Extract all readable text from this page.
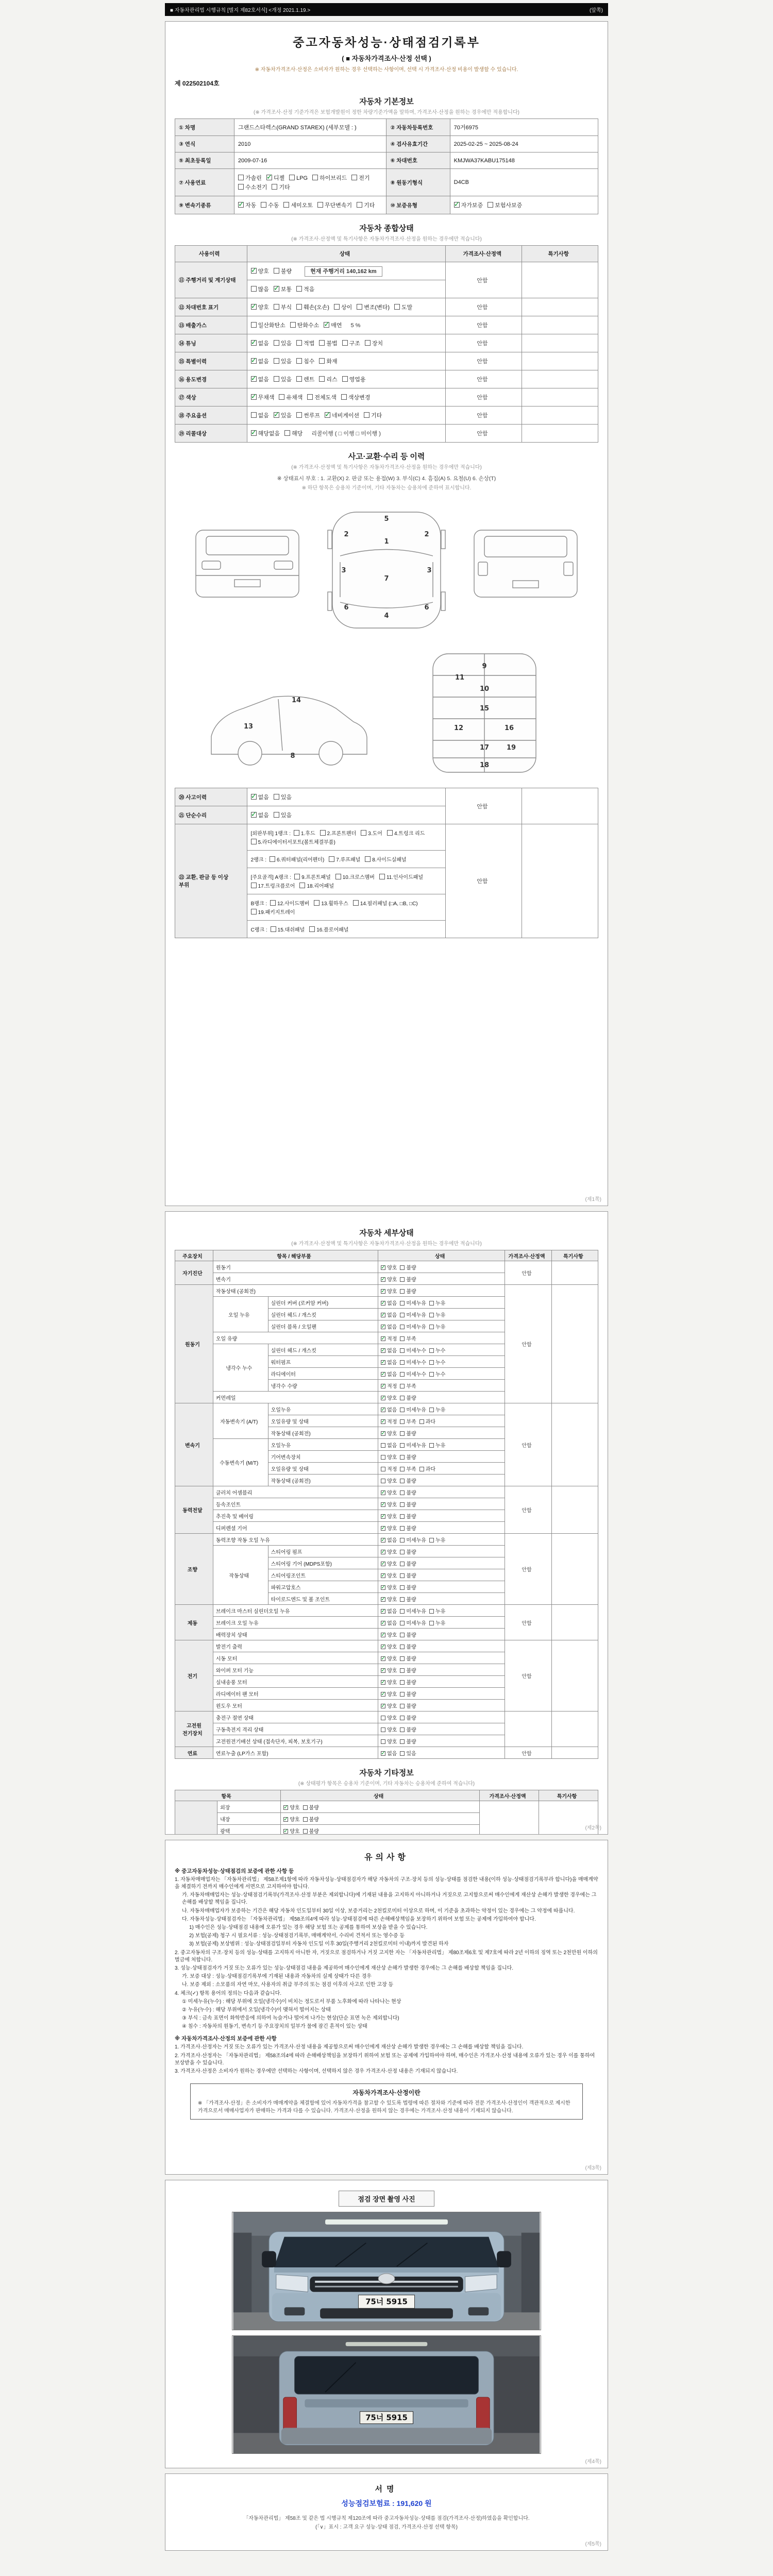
■ 자동차관리법 시행규칙 [별지 제82호서식] <개정 2021.1.19.>	(앞쪽)
중고자동차성능·상태점검기록부
( ■ 자동차가격조사·산정 선택 )
※ 자동차가격조사·산정은 소비자가 원하는 경우 선택하는 사항이며, 선택 시 가격조사·산정 비용이 발생할 수 있습니다.
제 022502104호
자동차 기본정보
(※ 가격조사·산정 기준가격은 보험개발원이 정한 차량기준가액을 말하며, 가격조사·산정을 원하는 경우에만 적용합니다)
① 차명	그랜드스타렉스(GRAND STAREX) (세부모델 : )	② 자동차등록번호	70거6975
③ 연식	2010	④ 검사유효기간	2025-02-25 ~ 2025-08-24
⑤ 최초등록일	2009-07-16	⑥ 차대번호	KMJWA37KABU175148
⑦ 사용연료	가솔린 ✓ 디젤 LPG 하이브리드 전기수소전기 기타	⑧ 원동기형식	D4CB
⑨ 변속기종류	✓자동 수동 세미오토 무단변속기 기타	⑩ 보증유형	✓자가보증 보험사보증
자동차 종합상태
(※ 가격조사·산정액 및 특기사항은 자동차가격조사·산정을 원하는 경우에만 적습니다)
사용이력	상태	가격조사·산정액	특기사항
⑪ 주행거리 및 계기상태	✓양호 불량 현재 주행거리 140,162 km	안함	
	많음 ✓ 보통 적음
⑫ 차대번호 표기	✓양호 부식 훼손(오손) 상이 변조(변타) 도말	안함	
⑬ 배출가스	일산화탄소 탄화수소 ✓ 매연 5 %	안함	
⑭ 튜닝	✓없음 있음 적법 불법 구조 장치	안함	
⑮ 특별이력	✓없음 있음 침수 화재	안함	
⑯ 용도변경	✓없음 있음 렌트 리스 영업용	안함	
⑰ 색상	✓무채색 유채색 전체도색 색상변경	안함	
⑱ 주요옵션	없음 ✓ 있음 썬루프 ✓ 네비게이션 기타	안함	
⑲ 리콜대상	✓해당없음 해당 리콜이행 ( □ 이행 □ 미이행 )	안함	
사고·교환·수리 등 이력
(※ 가격조사·산정액 및 특기사항은 자동차가격조사·산정을 원하는 경우에만 적습니다)
※ 상태표시 부호 : 1. 교환(X) 2. 판금 또는 용접(W) 3. 부식(C) 4. 흠집(A) 5. 요철(U) 6. 손상(T)
※ 하단 항목은 승용차 기준이며, 기타 자동차는 승용차에 준하여 표시합니다.
5
2
1
2
3
7
3
6
4
6
13
14
8
9
11
10
15
12	16
17	19
18
⑳ 사고이력	✓없음 있음	안함	
㉑ 단순수리	✓없음 있음
㉒ 교환, 판금 등 이상 부위	[외판부위] 1랭크 : 1.후드 2.프론트펜더 3.도어 4.트렁크 리드5.라디에이터서포트(볼트체결부품)	안함	
	2랭크 : 6.쿼터패널(리어펜더) 7.루프패널 8.사이드실패널		
	[주요골격] A랭크 : 9.프론트패널 10.크로스멤버 11.인사이드패널17.트렁크플로어 18.리어패널		
	B랭크 : 12.사이드멤버 13.휠하우스 14.필러패널 (□A, □B, □C)19.패키지트레이		
	C랭크 : 15.대쉬패널 16.플로어패널		
(제1쪽)
자동차 세부상태
(※ 가격조사·산정액 및 특기사항은 자동차가격조사·산정을 원하는 경우에만 적습니다)
주요장치	항목 / 해당부품		상태	가격조사·산정액	특기사항
자기진단	원동기	✓양호 불량	안함	
	변속기	✓양호 불량
원동기	작동상태 (공회전)	✓양호 불량	안함	
	오일 누유	실린더 커버 (로커암 커버)	✓없음 미세누유 누유
		실린더 헤드 / 개스킷	✓없음 미세누유 누유
		실린더 블록 / 오일팬	✓없음 미세누유 누유
	오일 유량	✓적정 부족
	냉각수 누수	실린더 헤드 / 개스킷	✓없음 미세누수 누수
		워터펌프	✓없음 미세누수 누수
		라디에이터	✓없음 미세누수 누수
		냉각수 수량	✓적정 부족
	커먼레일	✓양호 불량
변속기	자동변속기 (A/T)	오일누유	✓없음 미세누유 누유	안함	
		오일유량 및 상태	✓적정 부족 과다
		작동상태 (공회전)	✓양호 불량
	수동변속기 (M/T)	오일누유	없음 미세누유 누유		
		기어변속장치	양호 불량		
		오일유량 및 상태	적정 부족 과다		
		작동상태 (공회전)	양호 불량		
동력전달	클러치 어셈블리	✓양호 불량	안함	
	등속조인트	✓양호 불량
	추진축 및 베어링	✓양호 불량
	디퍼렌셜 기어	✓양호 불량
조향	동력조향 작동 오일 누유	✓없음 미세누유 누유	안함	
	작동상태	스티어링 펌프	✓양호 불량
		스티어링 기어 (MDPS포함)	✓양호 불량
		스티어링조인트	✓양호 불량
		파워고압호스	✓양호 불량
		타이로드엔드 및 볼 조인트	✓양호 불량
제동	브레이크 마스터 실린더오일 누유	✓없음 미세누유 누유	안함	
	브레이크 오일 누유	✓없음 미세누유 누유
	배력장치 상태	✓양호 불량
전기	발전기 출력	✓양호 불량	안함	
	시동 모터	✓양호 불량
	와이퍼 모터 기능	✓양호 불량
	실내송풍 모터	✓양호 불량
	라디에이터 팬 모터	✓양호 불량
	윈도우 모터	✓양호 불량
고전원 전기장치	충전구 절연 상태		양호 불량		
	구동축전지 격리 상태		양호 불량		
	고전원전기배선 상태 (접속단자, 피복, 보호기구)		양호 불량		
연료	연료누출 (LP가스 포함)	✓없음 있음	안함	
자동차 기타정보
(※ 상태평가 항목은 승용차 기준이며, 기타 자동차는 승용차에 준하여 적습니다)
항목		상태	가격조사·산정액	특기사항
	외장	✓양호 불량		
	내장	✓양호 불량
	광택	✓양호 불량

(제2쪽)
유의사항
※ 중고자동차성능·상태점검의 보증에 관한 사항 등
1. 자동차매매업자는 「자동차관리법」 제58조제1항에 따라 자동차성능·상태점검자가 해당 자동차의 구조·장치 등의 성능·상태를 점검한 내용(이하 성능·상태점검기록부라 합니다)을 매매계약을 체결하기 전까지 매수인에게 서면으로 고지하여야 합니다.
가. 자동차매매업자는 성능·상태점검기록부(가격조사·산정 부분은 제외합니다)에 기재된 내용을 고지하지 아니하거나 거짓으로 고지함으로써 매수인에게 재산상 손해가 발생한 경우에는 그 손해를 배상할 책임을 집니다.
나. 자동차매매업자가 보증하는 기간은 해당 자동차 인도일부터 30일 이상, 보증거리는 2천킬로미터 이상으로 하며, 이 기준을 초과하는 약정이 있는 경우에는 그 약정에 따릅니다.
다. 자동차성능·상태점검자는 「자동차관리법」 제58조의4에 따라 성능·상태점검에 따른 손해배상책임을 보장하기 위하여 보험 또는 공제에 가입하여야 합니다.
1) 매수인은 성능·상태점검 내용에 오류가 있는 경우 해당 보험 또는 공제를 통하여 보상을 받을 수 있습니다.
2) 보험(공제) 청구 시 필요서류 : 성능·상태점검기록부, 매매계약서, 수리비 견적서 또는 영수증 등
3) 보험(공제) 보상범위 : 성능·상태점검일부터 자동차 인도일 이후 30일(주행거리 2천킬로미터 이내)까지 발견된 하자
2. 중고자동차의 구조·장치 등의 성능·상태를 고지하지 아니한 자, 거짓으로 점검하거나 거짓 고지한 자는 「자동차관리법」 제80조제6호 및 제7호에 따라 2년 이하의 징역 또는 2천만원 이하의 벌금에 처합니다.
3. 성능·상태점검자가 거짓 또는 오류가 있는 성능·상태점검 내용을 제공하여 매수인에게 재산상 손해가 발생한 경우에는 그 손해를 배상할 책임을 집니다.
가. 보증 대상 : 성능·상태점검기록부에 기재된 내용과 자동차의 실제 상태가 다른 경우
나. 보증 제외 : 소모품의 자연 마모, 사용자의 취급 부주의 또는 점검 이후의 사고로 인한 고장 등
4. 체크(✓) 항목 용어의 정의는 다음과 같습니다.
① 미세누유(누수) : 해당 부위에 오일(냉각수)이 비치는 정도로서 부품 노후화에 따라 나타나는 현상
② 누유(누수) : 해당 부위에서 오일(냉각수)이 맺혀서 떨어지는 상태
③ 부식 : 금속 표면이 화학반응에 의하여 녹슬거나 떨어져 나가는 현상(단순 표면 녹은 제외합니다)
④ 침수 : 자동차의 원동기, 변속기 등 주요장치의 일부가 물에 잠긴 흔적이 있는 상태
※ 자동차가격조사·산정의 보증에 관한 사항
1. 가격조사·산정자는 거짓 또는 오류가 있는 가격조사·산정 내용을 제공함으로써 매수인에게 재산상 손해가 발생한 경우에는 그 손해를 배상할 책임을 집니다.
2. 가격조사·산정자는 「자동차관리법」 제58조의4에 따라 손해배상책임을 보장하기 위하여 보험 또는 공제에 가입하여야 하며, 매수인은 가격조사·산정 내용에 오류가 있는 경우 이를 통하여 보상받을 수 있습니다.
3. 가격조사·산정은 소비자가 원하는 경우에만 선택하는 사항이며, 선택하지 않은 경우 가격조사·산정 내용은 기재되지 않습니다.
자동차가격조사·산정이란
※ 「가격조사·산정」은 소비자가 매매계약을 체결함에 있어 자동차가격을 참고할 수 있도록 법령에 따른 절차와 기준에 따라 전문 가격조사·산정인이 객관적으로 제시한 가격으로서 매매사업자가 판매하는 가격과 다를 수 있습니다. 가격조사·산정을 원하지 않는 경우에는 가격조사·산정 내용이 기재되지 않습니다.
(제3쪽)
점검 장면 촬영 사진
75너 5915
75너 5915
(제4쪽)
서명
성능점검보험료 : 191,620 원
「자동차관리법」 제58조 및 같은 법 시행규칙 제120조에 따라 중고자동차성능·상태를 점검(가격조사·산정)하였음을 확인합니다.
(「∨」표시 : 고객 요구 성능·상태 점검, 가격조사·산정 선택 항목)
(제5쪽)
